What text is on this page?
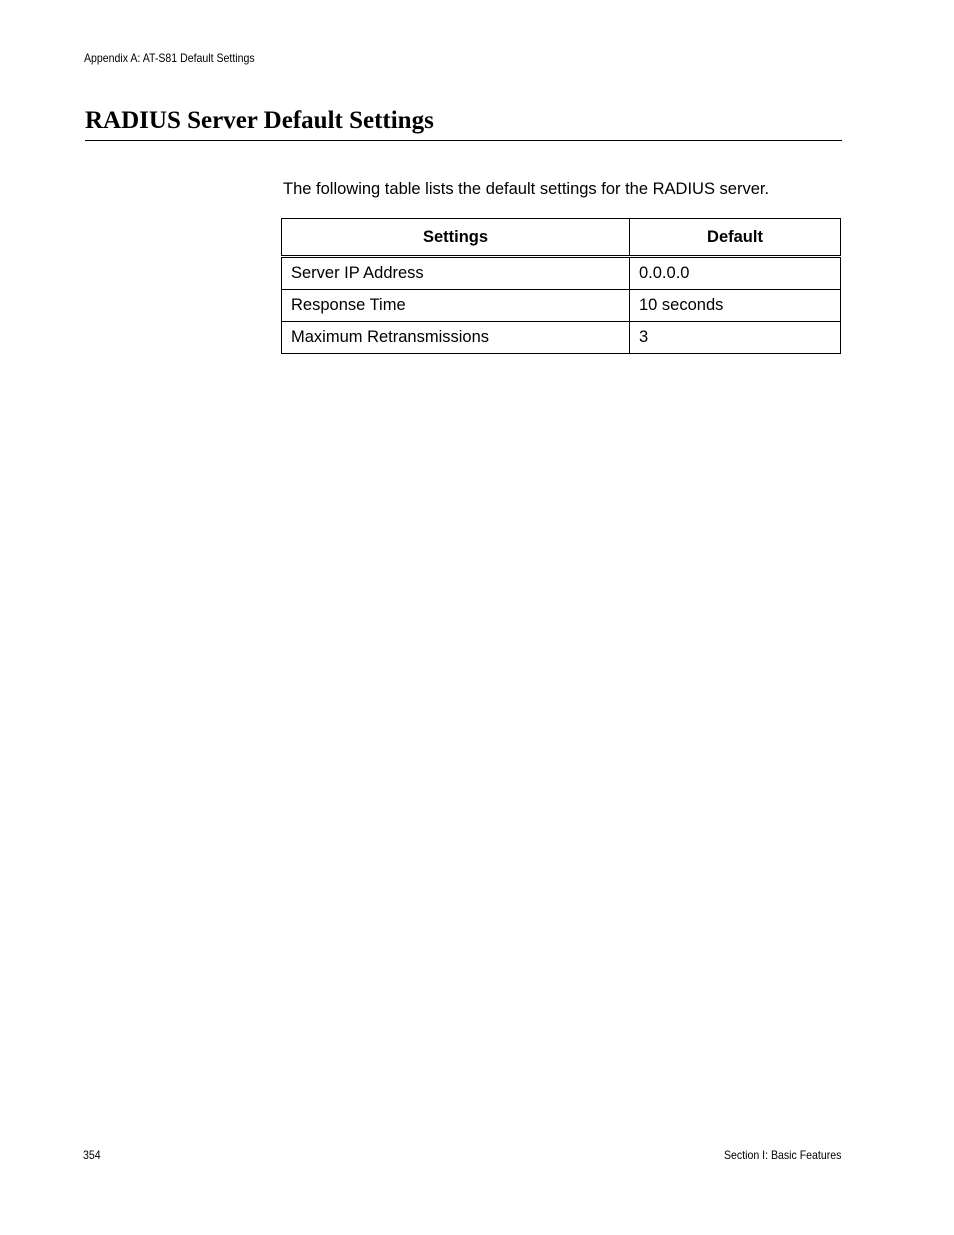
Appendix A: AT-S81 Default Settings
RADIUS Server Default Settings

The following table lists the default settings for the RADIUS server.

Settings	Default
Server IP Address	0.0.0.0
Response Time	10 seconds
Maximum Retransmissions	3
354	Section I: Basic Features
